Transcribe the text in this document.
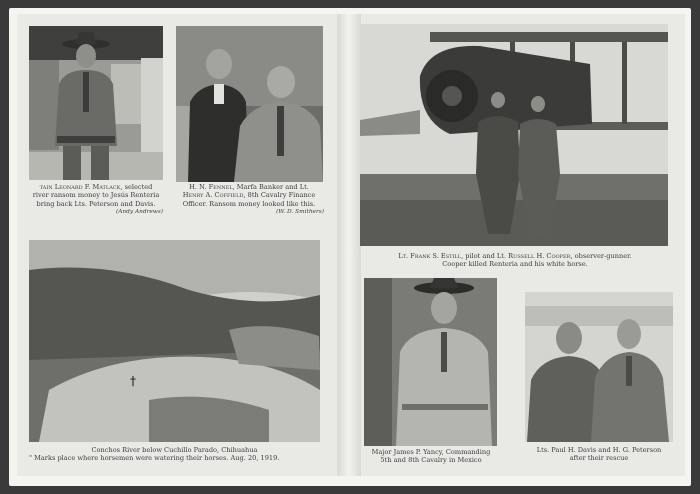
†
tain Leonard F. Matlack, selected
river ransom money to Jesús Renteria
bring back Lts. Peterson and Davis.
(Andy Andrews)
H. N. Fennel, Marfa Banker and Lt.
Henry A. Coffield, 8th Cavalry Finance
Officer. Ransom money looked like this.
(W. D. Smithers)
Lt. Frank S. Estill, pilot and Lt. Russell H. Cooper, observer-gunner.
Cooper killed Renteria and his white horse.
Conchos River below Cuchillo Parado, Chihuahua
" Marks place where horsemen were watering their horses. Aug. 20, 1919.
Major James P. Yancy, Commanding
5th and 8th Cavalry in Mexico
Lts. Paul H. Davis and H. G. Peterson
after their rescue
